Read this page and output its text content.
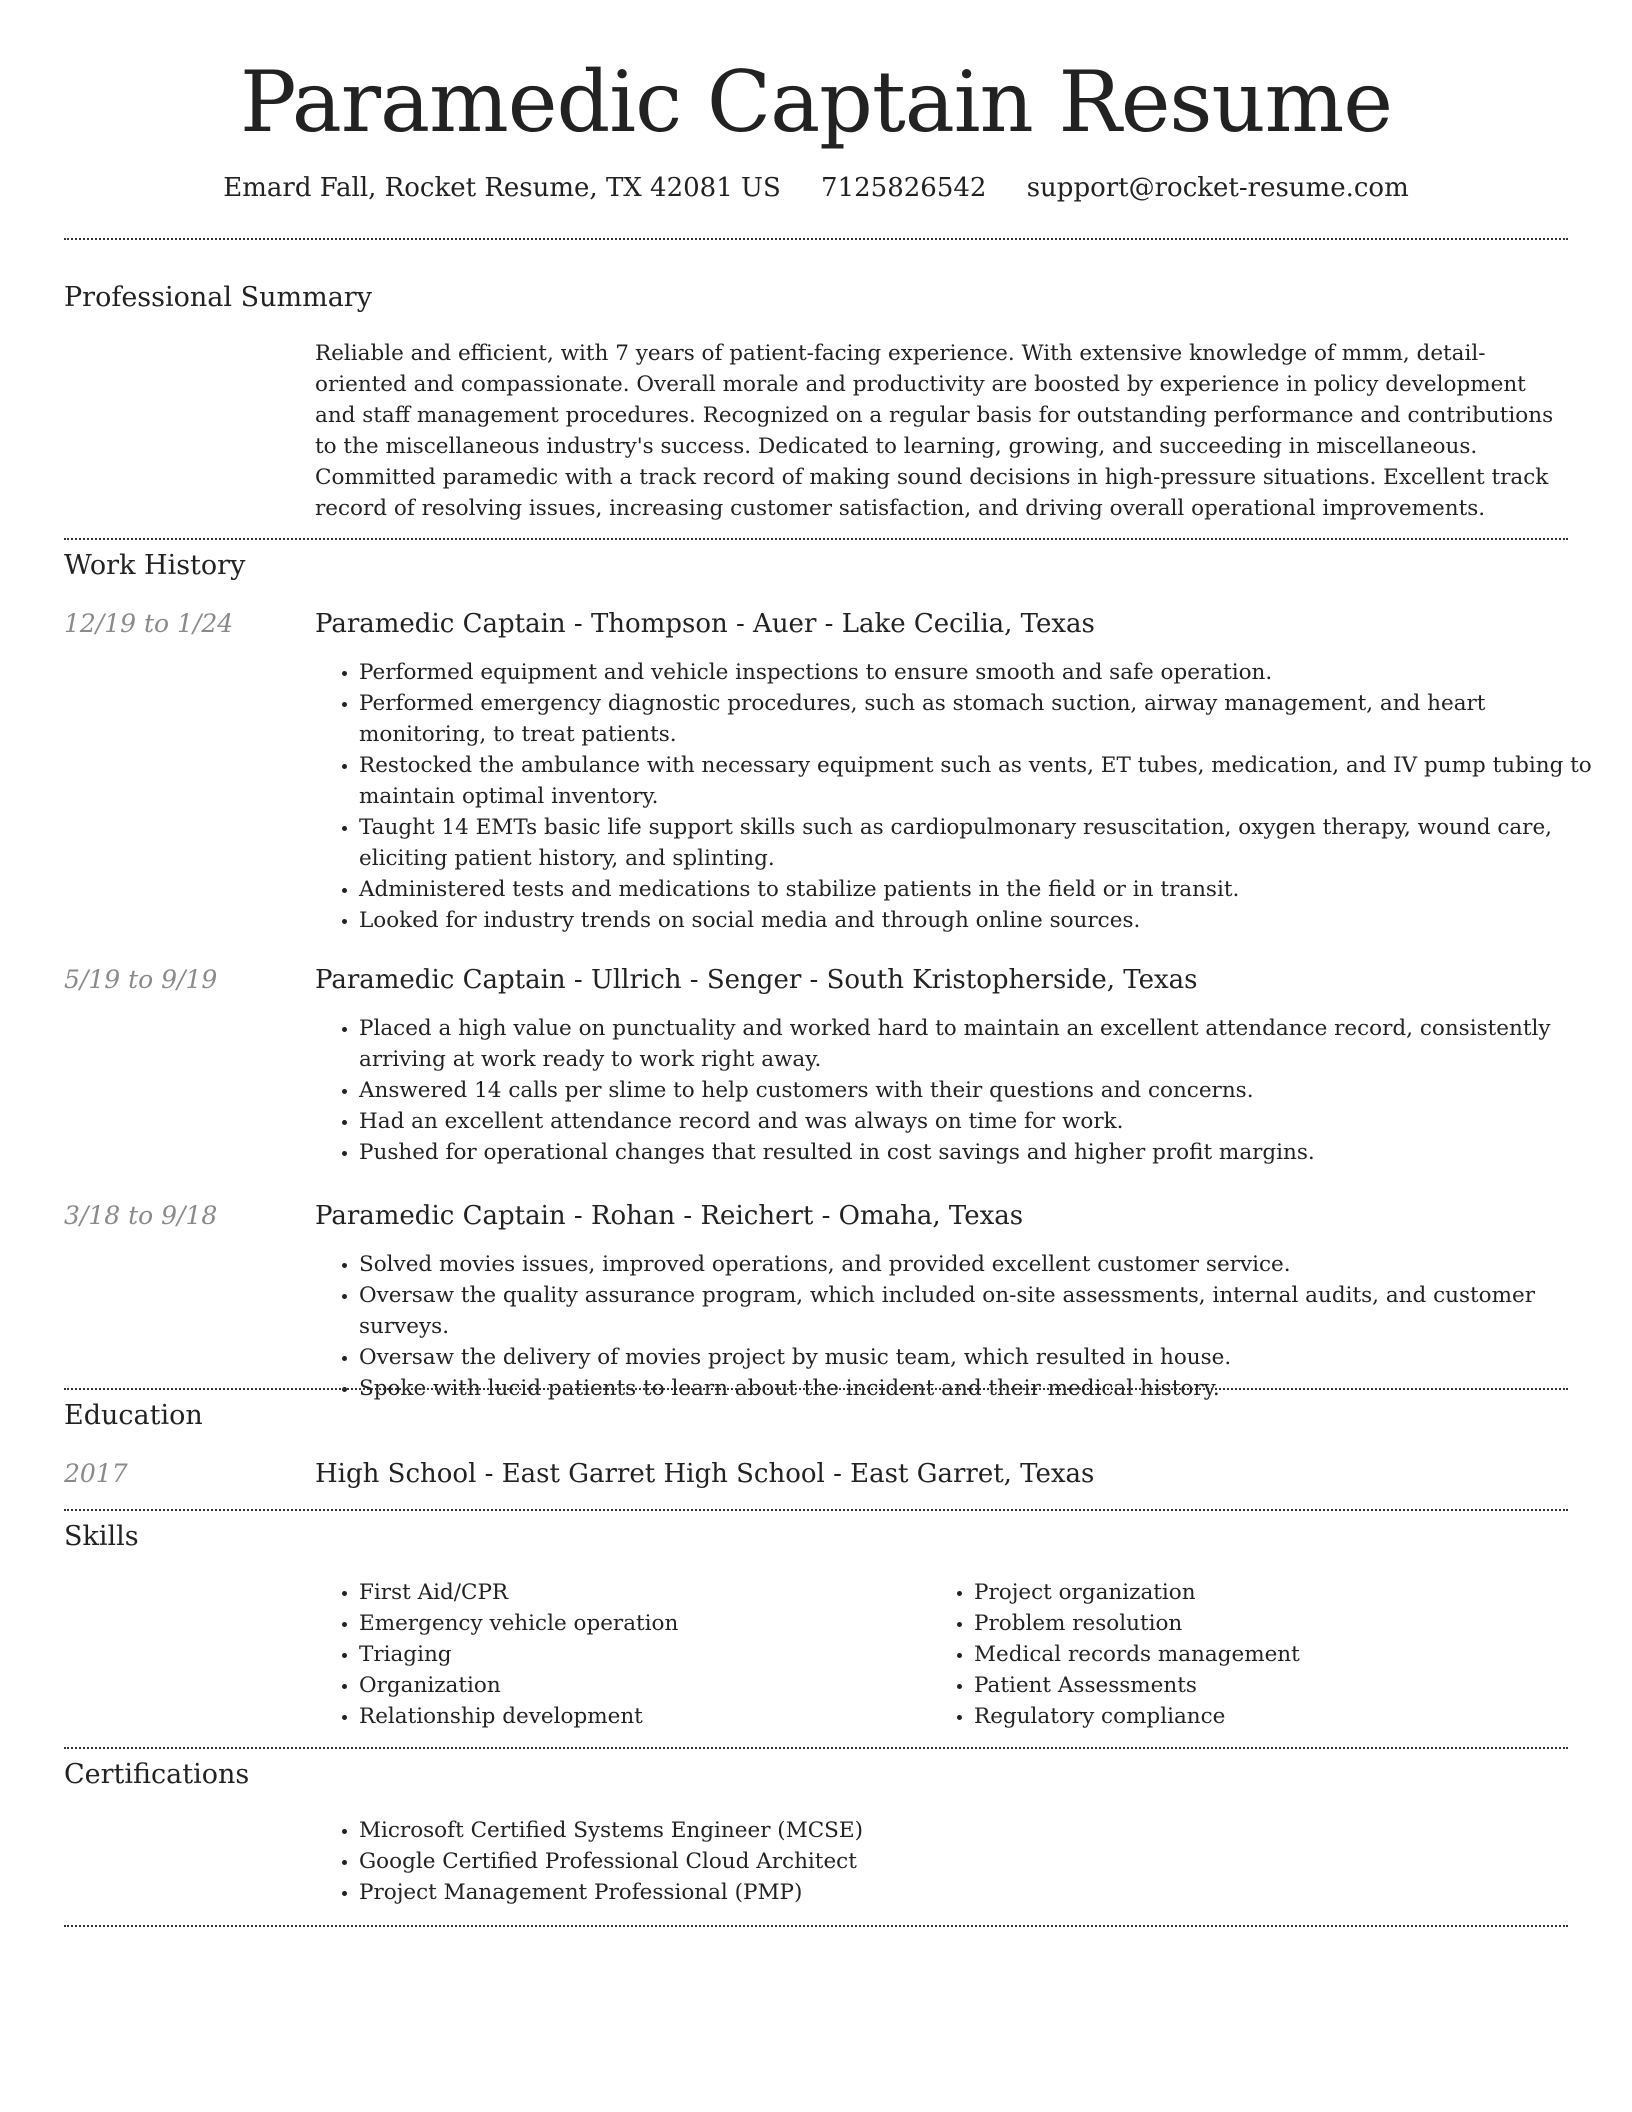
Paramedic Captain Resume
Emard Fall, Rocket Resume, TX 42081 US 7125826542 support@rocket-resume.com
Professional Summary
Reliable and efficient, with 7 years of patient-facing experience. With extensive knowledge of mmm, detail-oriented and compassionate. Overall morale and productivity are boosted by experience in policy development and staff management procedures. Recognized on a regular basis for outstanding performance and contributions to the miscellaneous industry's success. Dedicated to learning, growing, and succeeding in miscellaneous. Committed paramedic with a track record of making sound decisions in high-pressure situations. Excellent track record of resolving issues, increasing customer satisfaction, and driving overall operational improvements.
Work History
12/19 to 1/24	Paramedic Captain - Thompson - Auer - Lake Cecilia, Texas
• Performed equipment and vehicle inspections to ensure smooth and safe operation.
• Performed emergency diagnostic procedures, such as stomach suction, airway management, and heart monitoring, to treat patients.
• Restocked the ambulance with necessary equipment such as vents, ET tubes, medication, and IV pump tubing to maintain optimal inventory.
• Taught 14 EMTs basic life support skills such as cardiopulmonary resuscitation, oxygen therapy, wound care, eliciting patient history, and splinting.
• Administered tests and medications to stabilize patients in the field or in transit.
• Looked for industry trends on social media and through online sources.
5/19 to 9/19	Paramedic Captain - Ullrich - Senger - South Kristopherside, Texas
• Placed a high value on punctuality and worked hard to maintain an excellent attendance record, consistently arriving at work ready to work right away.
• Answered 14 calls per slime to help customers with their questions and concerns.
• Had an excellent attendance record and was always on time for work.
• Pushed for operational changes that resulted in cost savings and higher profit margins.
3/18 to 9/18	Paramedic Captain - Rohan - Reichert - Omaha, Texas
• Solved movies issues, improved operations, and provided excellent customer service.
• Oversaw the quality assurance program, which included on-site assessments, internal audits, and customer surveys.
• Oversaw the delivery of movies project by music team, which resulted in house.
• Spoke with lucid patients to learn about the incident and their medical history.
Education
2017	High School - East Garret High School - East Garret, Texas
Skills
• First Aid/CPR
• Emergency vehicle operation
• Triaging
• Organization
• Relationship development
• Project organization
• Problem resolution
• Medical records management
• Patient Assessments
• Regulatory compliance
Certifications
• Microsoft Certified Systems Engineer (MCSE)
• Google Certified Professional Cloud Architect
• Project Management Professional (PMP)
